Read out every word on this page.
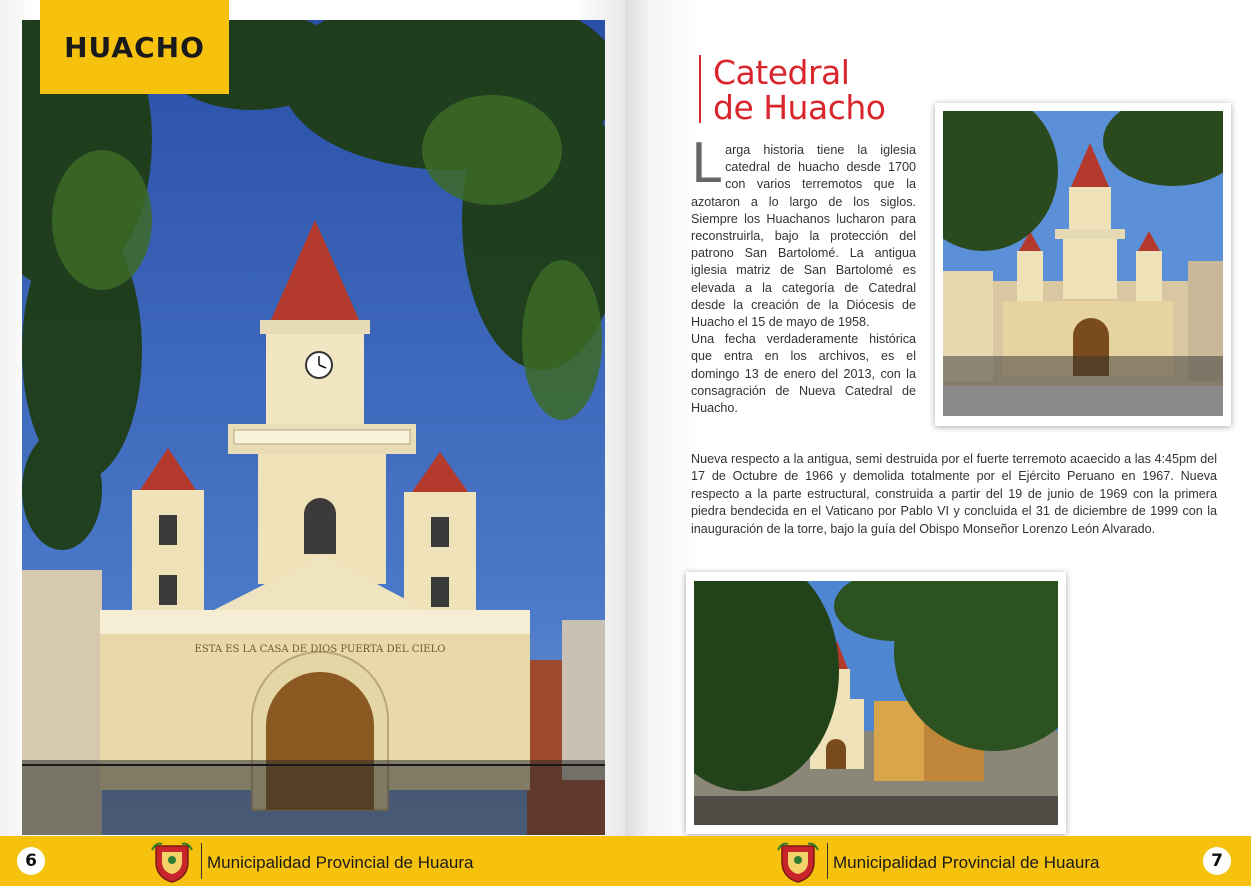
ESTA ES LA CASA DE DIOS PUERTA DEL CIELO
HUACHO
Catedral
de Huacho

Larga historia tiene la iglesia catedral de huacho desde 1700 con varios terremotos que la azotaron a lo largo de los siglos. Siempre los Huachanos lucharon para reconstruirla, bajo la protección del patrono San Bartolomé. La antigua iglesia matriz de San Bartolomé es elevada a la categoría de Catedral desde la creación de la Diócesis de Huacho el 15 de mayo de 1958.
Una fecha verdaderamente histórica que entra en los archivos, es el domingo 13 de enero del 2013, con la consagración de Nueva Catedral de Huacho.

Nueva respecto a la antigua, semi destruida por el fuerte terremoto acaecido a las 4:45pm del 17 de Octubre de 1966 y demolida totalmente por el Ejército Peruano en 1967. Nueva respecto a la parte estructural, construida a partir del 19 de junio de 1969 con la primera piedra bendecida en el Vaticano por Pablo VI y concluida el 31 de diciembre de 1999 con la inauguración de la torre, bajo la guía del Obispo Monseñor Lorenzo León Alvarado.

6	Municipalidad Provincial de Huaura	Municipalidad Provincial de Huaura	7
